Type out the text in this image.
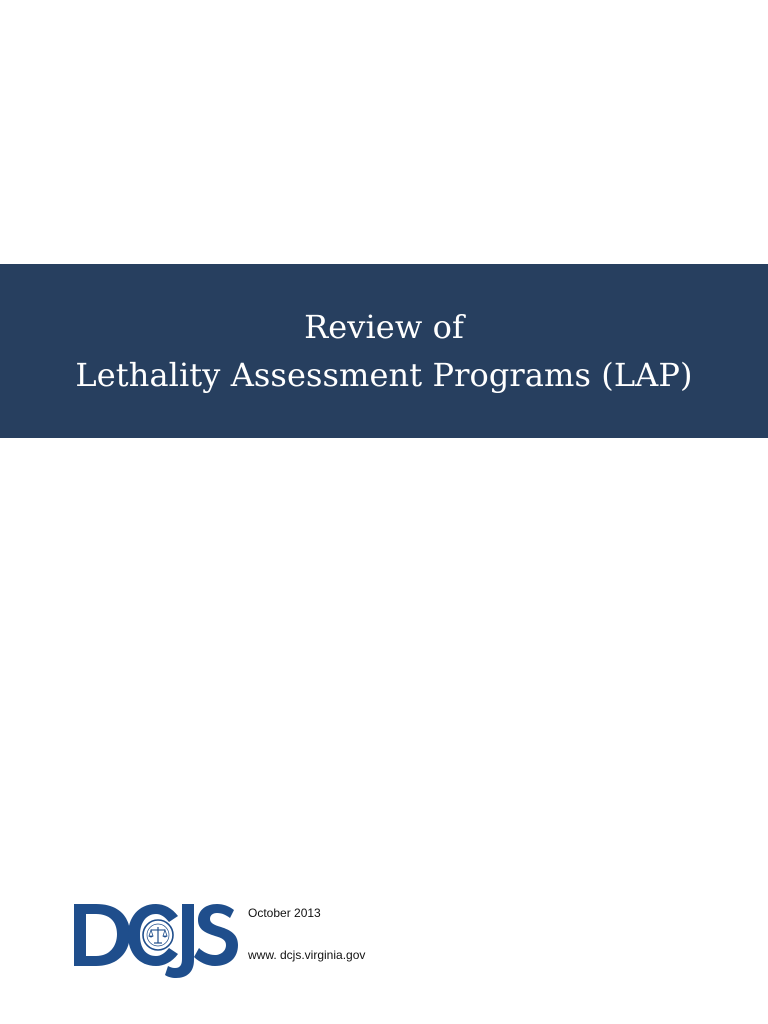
Review of
Lethality Assessment Programs (LAP)
October 2013
www. dcjs.virginia.gov
